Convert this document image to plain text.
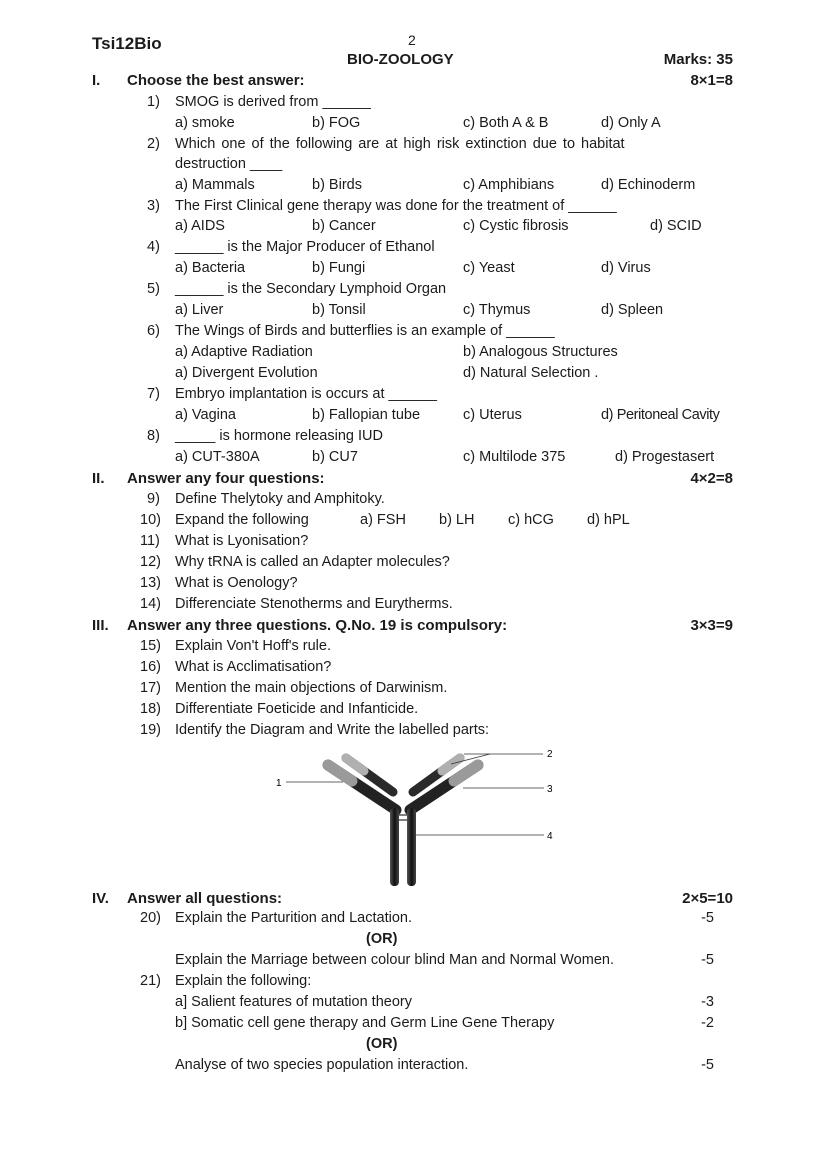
Tsi12Bio	2
BIO-ZOOLOGY	Marks: 35
I. Choose the best answer:	8×1=8
1) SMOG is derived from ______
a) smoke	b) FOG	c) Both A & B	d) Only A
2) Which one of the following are at high risk extinction due to habitat
destruction ____
a) Mammals	b) Birds	c) Amphibians	d) Echinoderm
3) The First Clinical gene therapy was done for the treatment of ______
a) AIDS	b) Cancer	c) Cystic fibrosis	d) SCID
4) ______ is the Major Producer of Ethanol
a) Bacteria	b) Fungi	c) Yeast	d) Virus
5) ______ is the Secondary Lymphoid Organ
a) Liver	b) Tonsil	c) Thymus	d) Spleen
6) The Wings of Birds and butterflies is an example of ______
a) Adaptive Radiation	b) Analogous Structures
a) Divergent Evolution	d) Natural Selection .
7) Embryo implantation is occurs at ______
a) Vagina	b) Fallopian tube	c) Uterus	d) Peritoneal Cavity
8) _____ is hormone releasing IUD
a) CUT-380A	b) CU7	c) Multilode 375	d) Progestasert
II. Answer any four questions:	4×2=8
9) Define Thelytoky and Amphitoky.
10) Expand the following	a) FSH b) LH c) hCG d) hPL
11) What is Lyonisation?
12) Why tRNA is called an Adapter molecules?
13) What is Oenology?
14) Differenciate Stenotherms and Eurytherms.
III. Answer any three questions. Q.No. 19 is compulsory:	3×3=9
15) Explain Von't Hoff's rule.
16) What is Acclimatisation?
17) Mention the main objections of Darwinism.
18) Differentiate Foeticide and Infanticide.
19) Identify the Diagram and Write the labelled parts:
1
2
3
4
IV. Answer all questions:	2×5=10
20) Explain the Parturition and Lactation.	-5
(OR)
Explain the Marriage between colour blind Man and Normal Women.	-5
21) Explain the following:
a] Salient features of mutation theory	-3
b] Somatic cell gene therapy and Germ Line Gene Therapy	-2
(OR)
Analyse of two species population interaction.	-5
